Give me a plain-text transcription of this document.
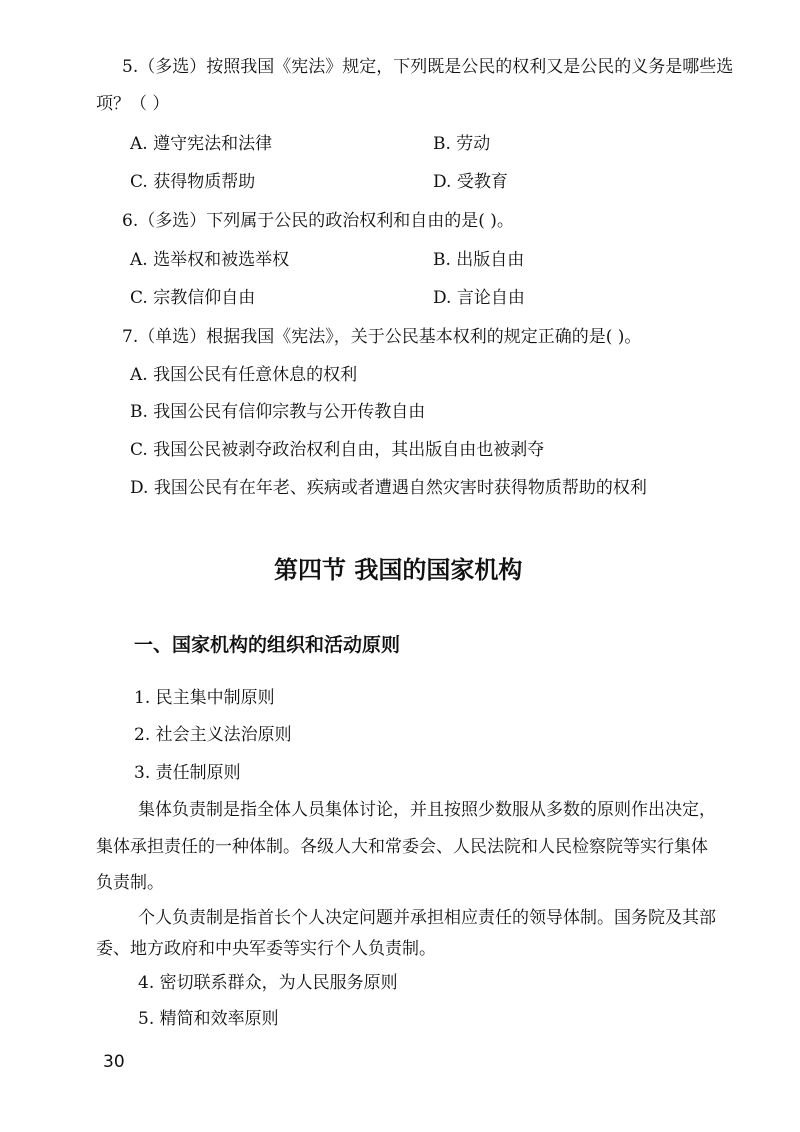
5.（多选）按照我国《宪法》规定，下列既是公民的权利又是公民的义务是哪些选
项？（ ）
A. 遵守宪法和法律	B. 劳动
C. 获得物质帮助	D. 受教育
6.（多选）下列属于公民的政治权利和自由的是( )。
A. 选举权和被选举权	B. 出版自由
C. 宗教信仰自由	D. 言论自由
7.（单选）根据我国《宪法》，关于公民基本权利的规定正确的是( )。
A. 我国公民有任意休息的权利
B. 我国公民有信仰宗教与公开传教自由
C. 我国公民被剥夺政治权利自由，其出版自由也被剥夺
D. 我国公民有在年老、疾病或者遭遇自然灾害时获得物质帮助的权利
第四节 我国的国家机构
一、国家机构的组织和活动原则
1. 民主集中制原则
2. 社会主义法治原则
3. 责任制原则
集体负责制是指全体人员集体讨论，并且按照少数服从多数的原则作出决定，
集体承担责任的一种体制。各级人大和常委会、人民法院和人民检察院等实行集体
负责制。
个人负责制是指首长个人决定问题并承担相应责任的领导体制。国务院及其部
委、地方政府和中央军委等实行个人负责制。
4. 密切联系群众，为人民服务原则
5. 精简和效率原则
30
